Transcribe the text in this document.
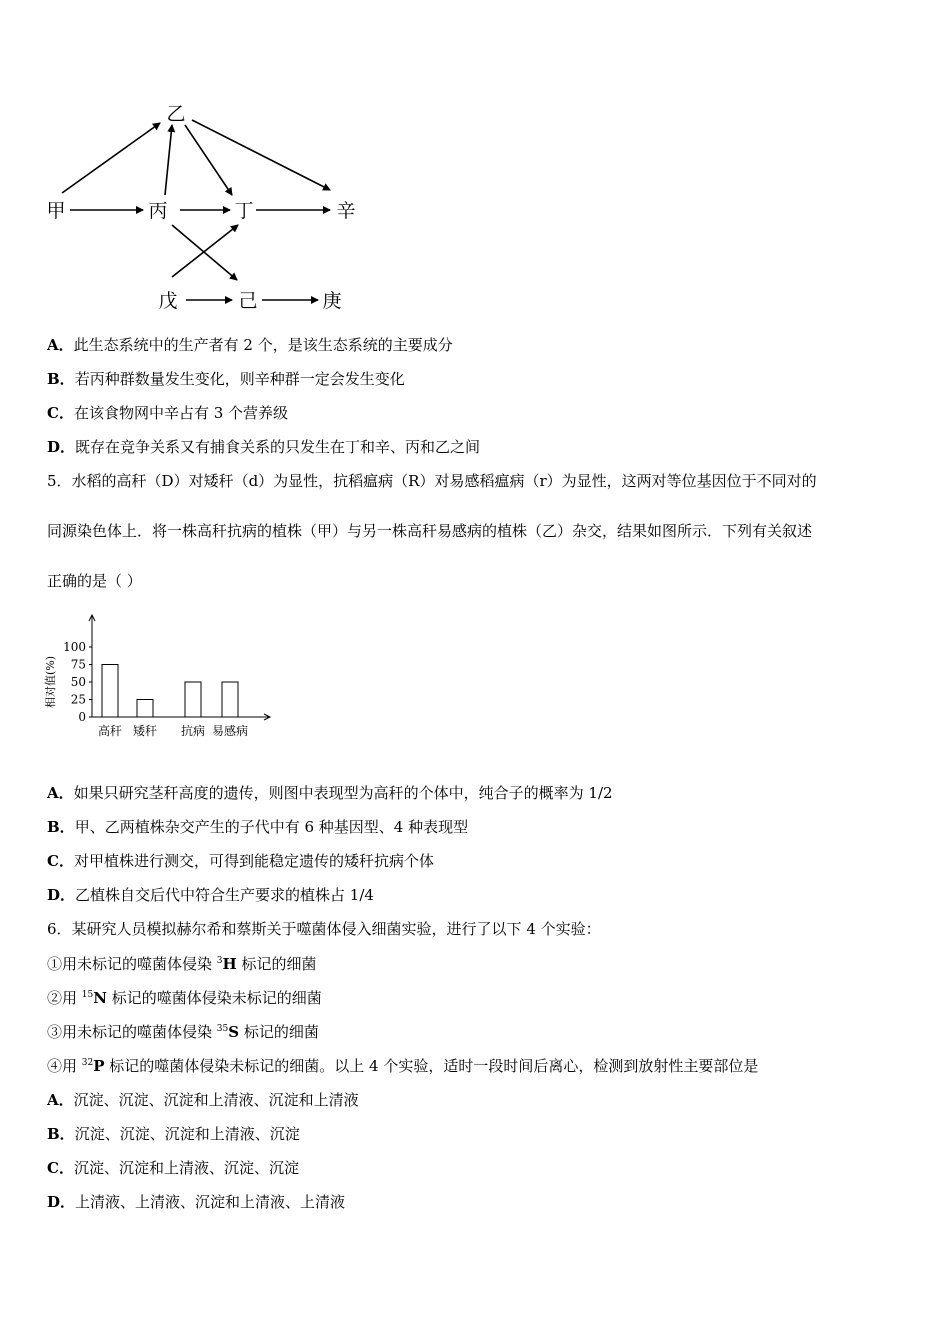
乙
甲	丙	丁	辛
戊	己	庚
A．此生态系统中的生产者有 2 个，是该生态系统的主要成分
B．若丙种群数量发生变化，则辛种群一定会发生变化
C．在该食物网中辛占有 3 个营养级
D．既存在竞争关系又有捕食关系的只发生在丁和辛、丙和乙之间
5．水稻的高秆（D）对矮秆（d）为显性，抗稻瘟病（R）对易感稻瘟病（r）为显性，这两对等位基因位于不同对的
同源染色体上．将一株高秆抗病的植株（甲）与另一株高秆易感病的植株（乙）杂交，结果如图所示．下列有关叙述
正确的是（ ）
0
25
50
75
100
相对值(%)
高秆 矮秆 抗病 易感病
A．如果只研究茎秆高度的遗传，则图中表现型为高秆的个体中，纯合子的概率为 1/2
B．甲、乙两植株杂交产生的子代中有 6 种基因型、4 种表现型
C．对甲植株进行测交，可得到能稳定遗传的矮秆抗病个体
D．乙植株自交后代中符合生产要求的植株占 1/4
6．某研究人员模拟赫尔希和蔡斯关于噬菌体侵入细菌实验，进行了以下 4 个实验：
①用未标记的噬菌体侵染 $^3$H 标记的细菌
②用 $^{15}$N 标记的噬菌体侵染未标记的细菌
③用未标记的噬菌体侵染 $^{35}$S 标记的细菌
④用 $^{32}$P 标记的噬菌体侵染未标记的细菌。以上 4 个实验，适时一段时间后离心，检测到放射性主要部位是
A．沉淀、沉淀、沉淀和上清液、沉淀和上清液
B．沉淀、沉淀、沉淀和上清液、沉淀
C．沉淀、沉淀和上清液、沉淀、沉淀
D．上清液、上清液、沉淀和上清液、上清液
